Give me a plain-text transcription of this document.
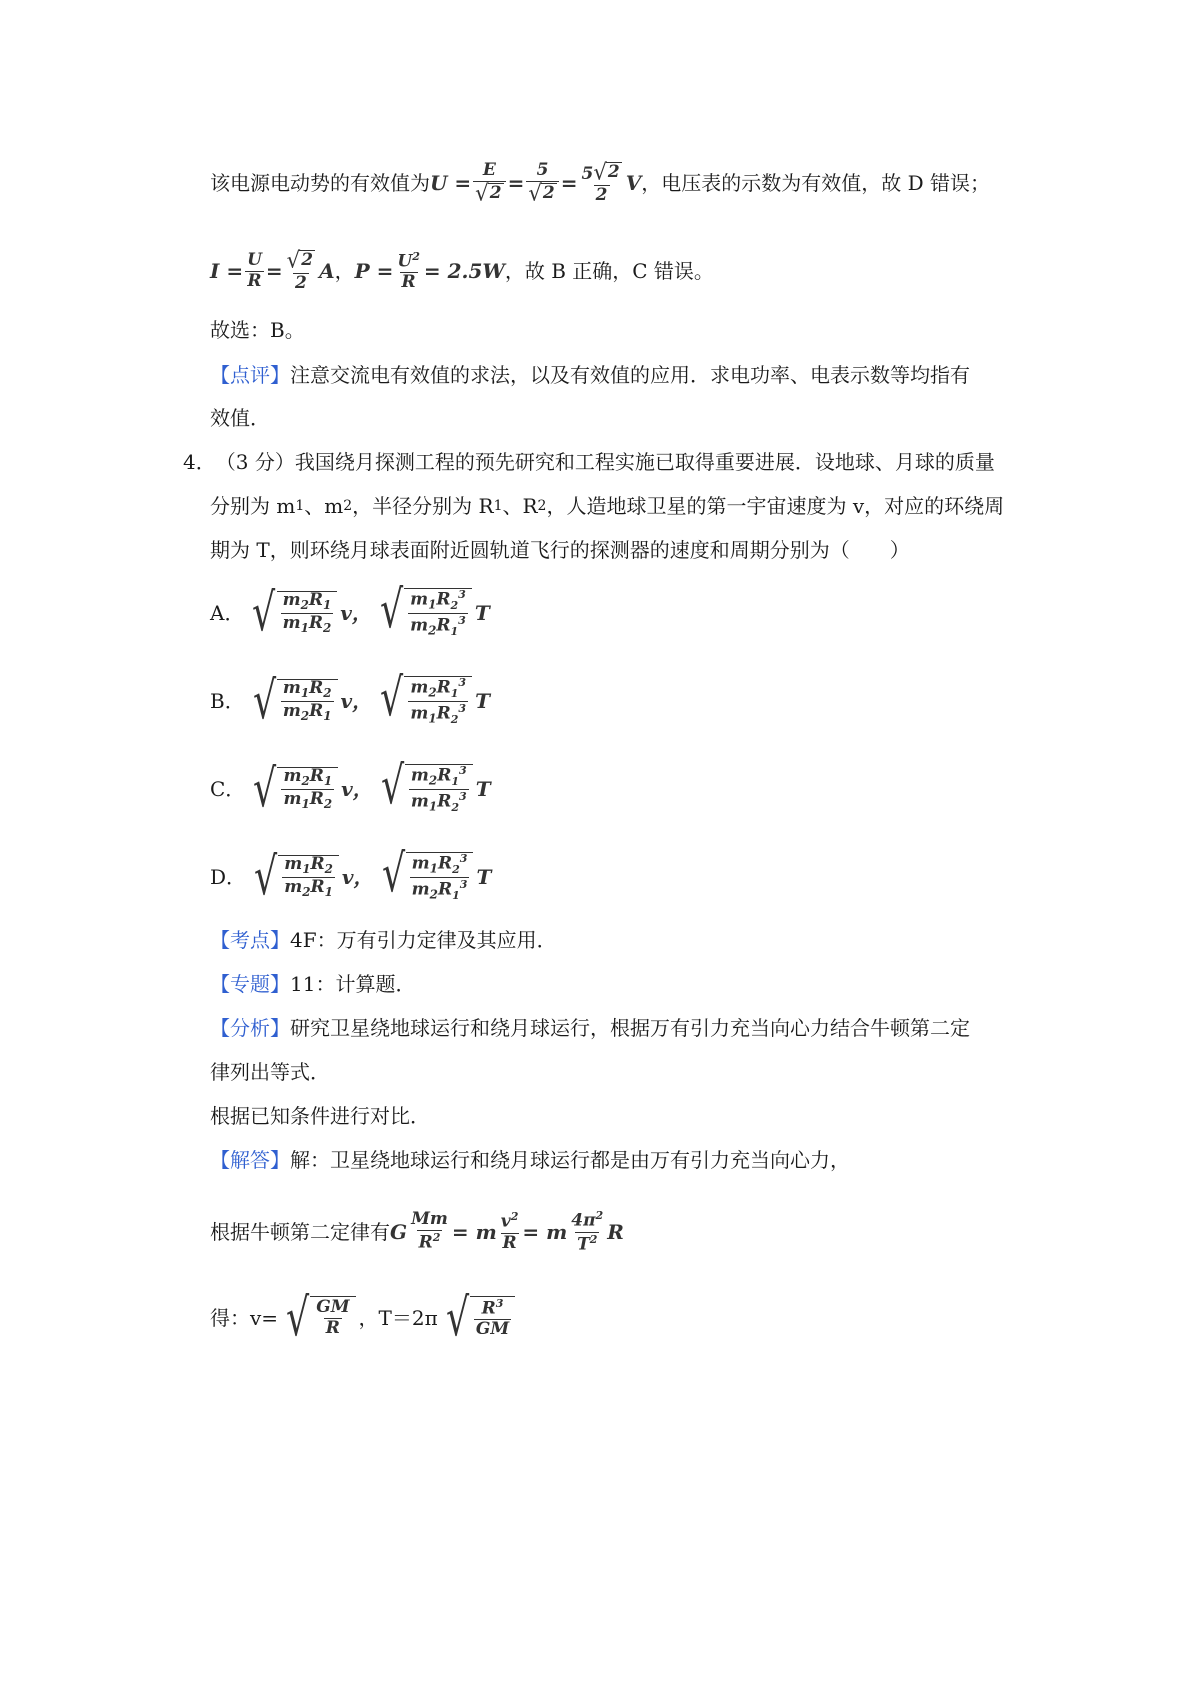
该电源电动势的有效值为 $U = \frac{E}{√ 2} = \frac{5}{√ 2} = \frac{5 √ 2}{2}$ V ，电压表的示数为有效值，故 D 错误；
$I = \frac{U}{R} = \frac{√ 2}{2}$ A ， $P = \frac{U^2}{R} = 2.5W$ ，故 B 正确，C 错误。
故选：B。
【点评】 注意交流电有效值的求法，以及有效值的应用．求电功率、电表示数等均指有
效值．
4． （3 分）我国绕月探测工程的预先研究和工程实施已取得重要进展．设地球、月球的质量
分别为 m 1 、m 2 ，半径分别为 R 1 、R 2 ，人造地球卫星的第一宇宙速度为 v，对应的环绕周
期为 T，则环绕月球表面附近圆轨道飞行的探测器的速度和周期分别为（　　）
A． √ $\frac{m_2R_1}{m_1R_2}$ v， √ $\frac{m_1R_2^3}{m_2R_1^3}$ T
B． √ $\frac{m_1R_2}{m_2R_1}$ v， √ $\frac{m_2R_1^3}{m_1R_2^3}$ T
C． √ $\frac{m_2R_1}{m_1R_2}$ v， √ $\frac{m_2R_1^3}{m_1R_2^3}$ T
D． √ $\frac{m_1R_2}{m_2R_1}$ v， √ $\frac{m_1R_2^3}{m_2R_1^3}$ T
【考点】 4F：万有引力定律及其应用．
【专题】 11：计算题．
【分析】 研究卫星绕地球运行和绕月球运行，根据万有引力充当向心力结合牛顿第二定
律列出等式．
根据已知条件进行对比．
【解答】 解：卫星绕地球运行和绕月球运行都是由万有引力充当向心力，
根据牛顿第二定律有 G $\frac{Mm}{R^2} = m \frac{v^2}{R} = m \frac{4\pi^2}{T^2}$ R
得：v= √ $\frac{GM}{R}$ ，T＝2π √ $\frac{R^3}{GM}$
